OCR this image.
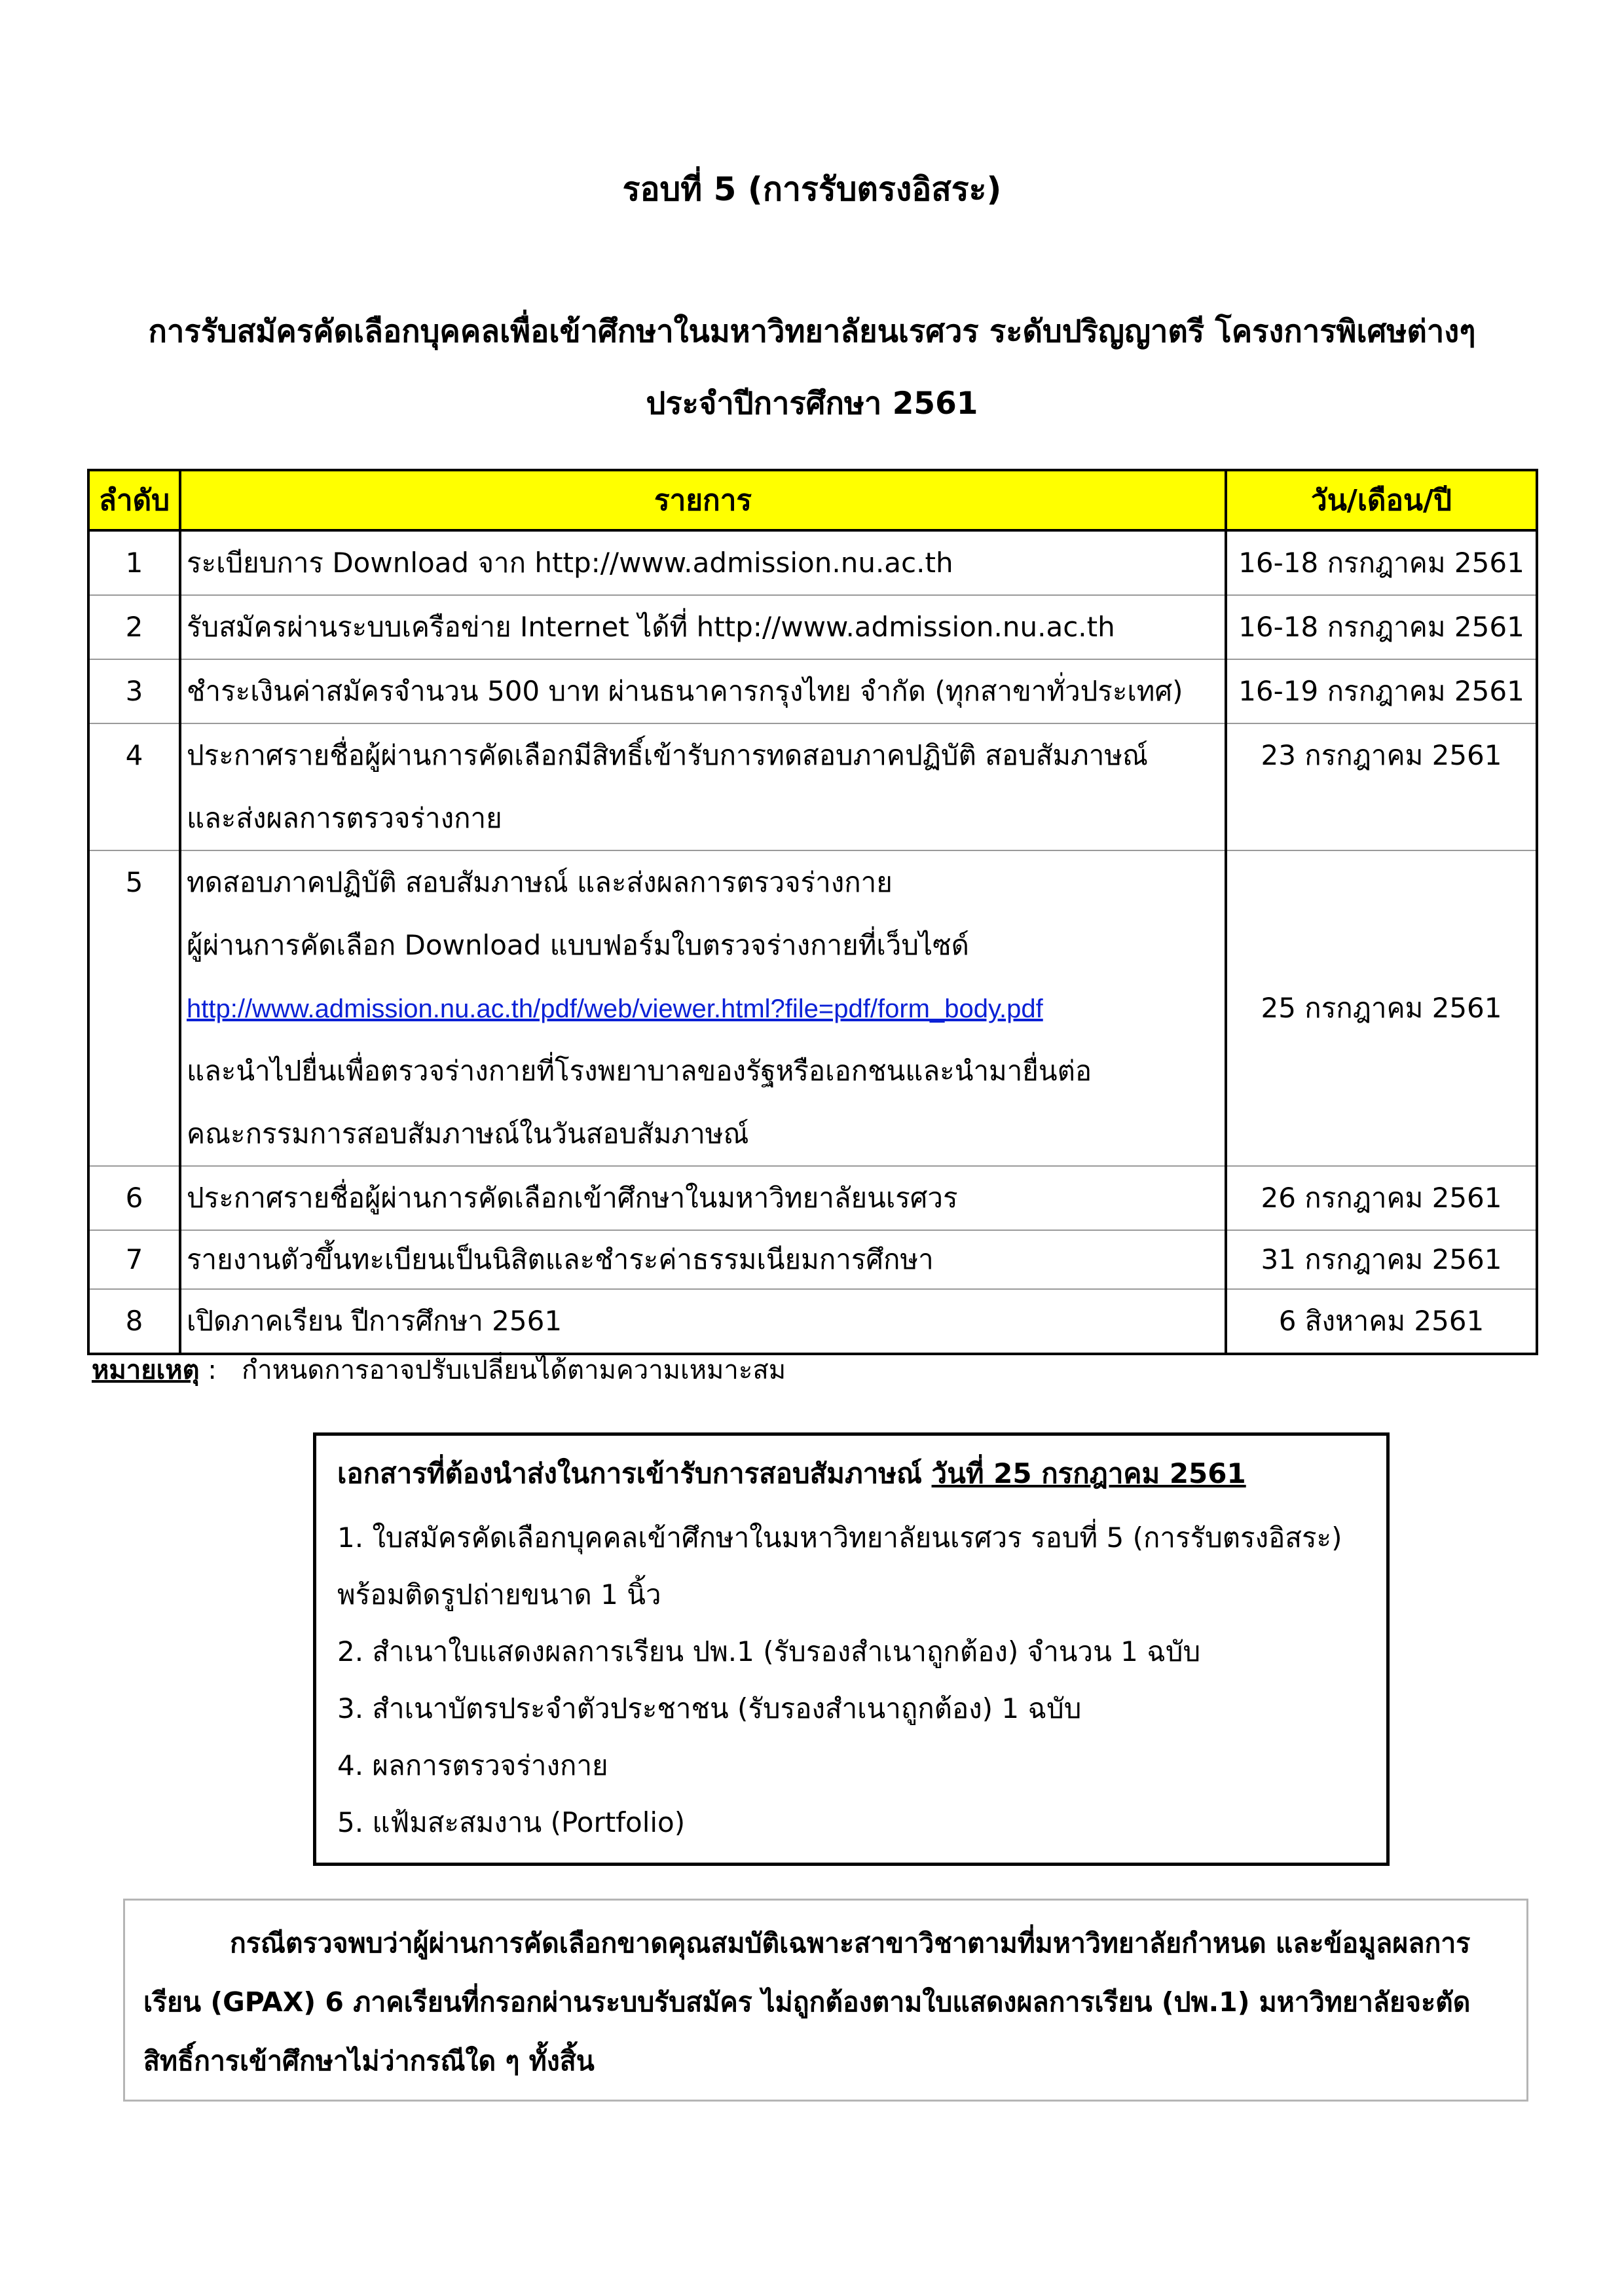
รอบที่ 5 (การรับตรงอิสระ)
การรับสมัครคัดเลือกบุคคลเพื่อเข้าศึกษาในมหาวิทยาลัยนเรศวร ระดับปริญญาตรี โครงการพิเศษต่างๆ
ประจำปีการศึกษา 2561
ลำดับ	รายการ	วัน/เดือน/ปี

1	ระเบียบการ Download จาก http://www.admission.nu.ac.th	16-18 กรกฎาคม 2561

2	รับสมัครผ่านระบบเครือข่าย Internet ได้ที่ http://www.admission.nu.ac.th	16-18 กรกฎาคม 2561

3	ชำระเงินค่าสมัครจำนวน 500 บาท ผ่านธนาคารกรุงไทย จำกัด (ทุกสาขาทั่วประเทศ)	16-19 กรกฎาคม 2561

4	ประกาศรายชื่อผู้ผ่านการคัดเลือกมีสิทธิ์เข้ารับการทดสอบภาคปฏิบัติ สอบสัมภาษณ์
และส่งผลการตรวจร่างกาย	23 กรกฎาคม 2561

5	ทดสอบภาคปฏิบัติ สอบสัมภาษณ์ และส่งผลการตรวจร่างกาย
ผู้ผ่านการคัดเลือก Download แบบฟอร์มใบตรวจร่างกายที่เว็บไซด์
http://www.admission.nu.ac.th/pdf/web/viewer.html?file=pdf/form_body.pdf
และนำไปยื่นเพื่อตรวจร่างกายที่โรงพยาบาลของรัฐหรือเอกชนและนำมายื่นต่อ
คณะกรรมการสอบสัมภาษณ์ในวันสอบสัมภาษณ์	25 กรกฎาคม 2561

6	ประกาศรายชื่อผู้ผ่านการคัดเลือกเข้าศึกษาในมหาวิทยาลัยนเรศวร	26 กรกฎาคม 2561

7	รายงานตัวขึ้นทะเบียนเป็นนิสิตและชำระค่าธรรมเนียมการศึกษา	31 กรกฎาคม 2561

8	เปิดภาคเรียน ปีการศึกษา 2561	6 สิงหาคม 2561
หมายเหตุ :   กำหนดการอาจปรับเปลี่ยนได้ตามความเหมาะสม
เอกสารที่ต้องนำส่งในการเข้ารับการสอบสัมภาษณ์ วันที่ 25 กรกฎาคม 2561
1. ใบสมัครคัดเลือกบุคคลเข้าศึกษาในมหาวิทยาลัยนเรศวร รอบที่ 5 (การรับตรงอิสระ)
พร้อมติดรูปถ่ายขนาด 1 นิ้ว
2. สำเนาใบแสดงผลการเรียน ปพ.1 (รับรองสำเนาถูกต้อง) จำนวน 1 ฉบับ
3. สำเนาบัตรประจำตัวประชาชน (รับรองสำเนาถูกต้อง) 1 ฉบับ
4. ผลการตรวจร่างกาย
5. แฟ้มสะสมงาน (Portfolio)
กรณีตรวจพบว่าผู้ผ่านการคัดเลือกขาดคุณสมบัติเฉพาะสาขาวิชาตามที่มหาวิทยาลัยกำหนด และข้อมูลผลการ
เรียน (GPAX) 6 ภาคเรียนที่กรอกผ่านระบบรับสมัคร ไม่ถูกต้องตามใบแสดงผลการเรียน (ปพ.1) มหาวิทยาลัยจะตัด
สิทธิ์การเข้าศึกษาไม่ว่ากรณีใด ๆ ทั้งสิ้น
